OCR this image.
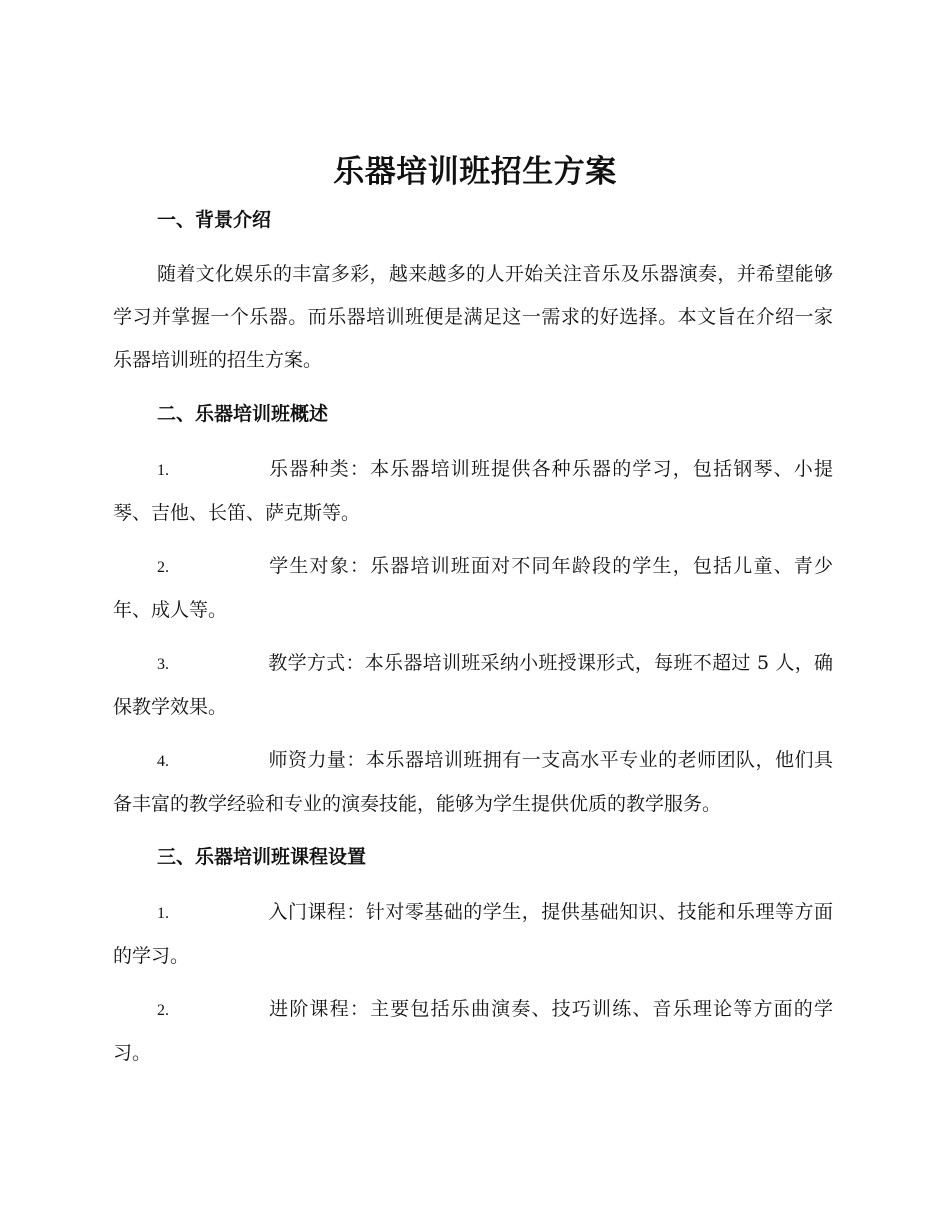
乐器培训班招生方案
一、背景介绍

随着文化娱乐的丰富多彩，越来越多的人开始关注音乐及乐器演奏，并希望能够学习并掌握一个乐器。而乐器培训班便是满足这一需求的好选择。本文旨在介绍一家乐器培训班的招生方案。

二、乐器培训班概述

1.	乐器种类：本乐器培训班提供各种乐器的学习，包括钢琴、小提琴、吉他、长笛、萨克斯等。

2.	学生对象：乐器培训班面对不同年龄段的学生，包括儿童、青少年、成人等。

3.	教学方式：本乐器培训班采纳小班授课形式，每班不超过 5 人，确保教学效果。

4.	师资力量：本乐器培训班拥有一支高水平专业的老师团队，他们具备丰富的教学经验和专业的演奏技能，能够为学生提供优质的教学服务。

三、乐器培训班课程设置

1.	入门课程：针对零基础的学生，提供基础知识、技能和乐理等方面的学习。

2.	进阶课程：主要包括乐曲演奏、技巧训练、音乐理论等方面的学习。
